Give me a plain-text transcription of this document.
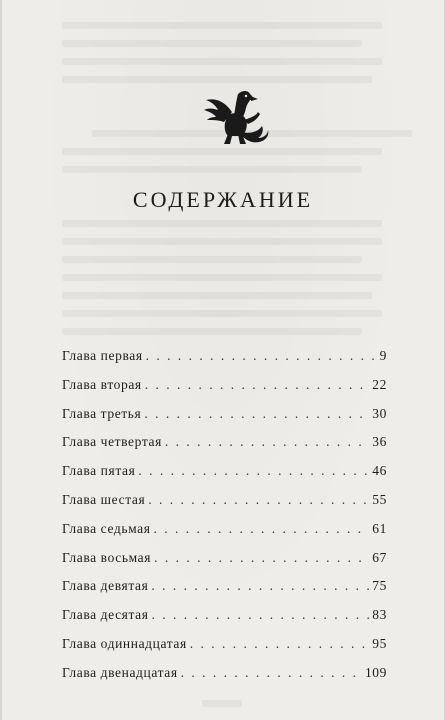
СОДЕРЖАНИЕ
Глава первая . . .	9
Глава вторая . . .	22
Глава третья . . .	30
Глава четвертая . . .	36
Глава пятая . . .	46
Глава шестая . . .	55
Глава седьмая . . .	61
Глава восьмая . . .	67
Глава девятая . . .	75
Глава десятая . . .	83
Глава одиннадцатая . . .	95
Глава двенадцатая . . .	109
